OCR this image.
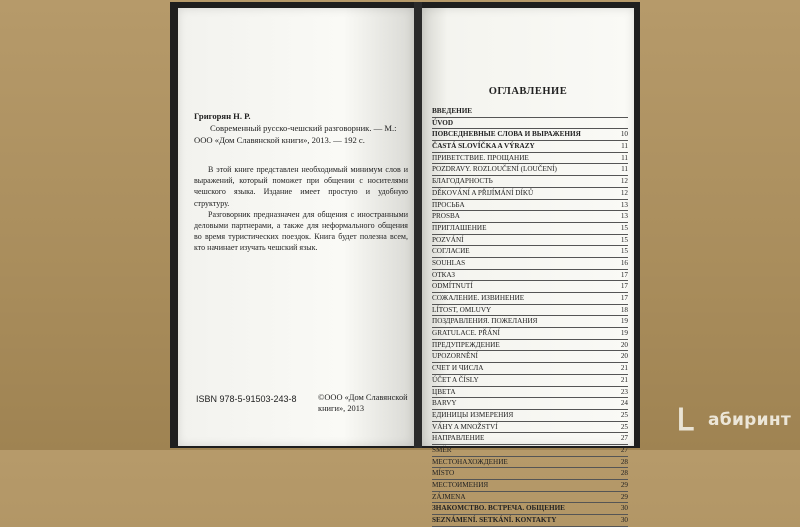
Григорян Н. Р.
Современный русско-чешский разговорник. — М.:
ООО «Дом Славянской книги», 2013. — 192 с.

В этой книге представлен необходимый минимум слов и выражений, который поможет при общении с носителями чешского языка. Издание имеет простую и удобную структуру.

Разговорник предназначен для общения с иностранными деловыми партнерами, а также для неформального общения во время туристических поездок. Книга будет полезна всем, кто начинает изучать чешский язык.

ISBN 978-5-91503-243-8	©ООО «Дом Славянской книги», 2013
ОГЛАВЛЕНИЕ
ВВЕДЕНИЕ
ÚVOD
ПОВСЕДНЕВНЫЕ СЛОВА И ВЫРАЖЕНИЯ	10
ČASTÁ SLOVÍČKA A VÝRAZY	11
ПРИВЕТСТВИЕ. ПРОЩАНИЕ	11
POZDRAVY. ROZLOUČENÍ (LOUČENÍ)	11
БЛАГОДАРНОСТЬ	12
DĚKOVÁNÍ A PŘIJÍMÁNÍ DÍKŮ	12
ПРОСЬБА	13
PROSBA	13
ПРИГЛАШЕНИЕ	15
POZVÁNÍ	15
СОГЛАСИЕ	15
SOUHLAS	16
ОТКАЗ	17
ODMÍTNUTÍ	17
СОЖАЛЕНИЕ. ИЗВИНЕНИЕ	17
LÍTOST, OMLUVY	18
ПОЗДРАВЛЕНИЯ. ПОЖЕЛАНИЯ	19
GRATULACE. PŘÁNÍ	19
ПРЕДУПРЕЖДЕНИЕ	20
UPOZORNĚNÍ	20
СЧЕТ И ЧИСЛА	21
ÚČET A ČÍSLY	21
ЦВЕТА	23
BARVY	24
ЕДИНИЦЫ ИЗМЕРЕНИЯ	25
VÁHY A MNOŽSTVÍ	25
НАПРАВЛЕНИЕ	27
SMĚR	27
МЕСТОНАХОЖДЕНИЕ	28
MÍSTO	28
МЕСТОИМЕНИЯ	29
ZÁJMENA	29
ЗНАКОМСТВО. ВСТРЕЧА. ОБЩЕНИЕ	30
SEZNÁMENÍ. SETKÁNÍ. KONTAKTY	30
Ꮮ абиринт
